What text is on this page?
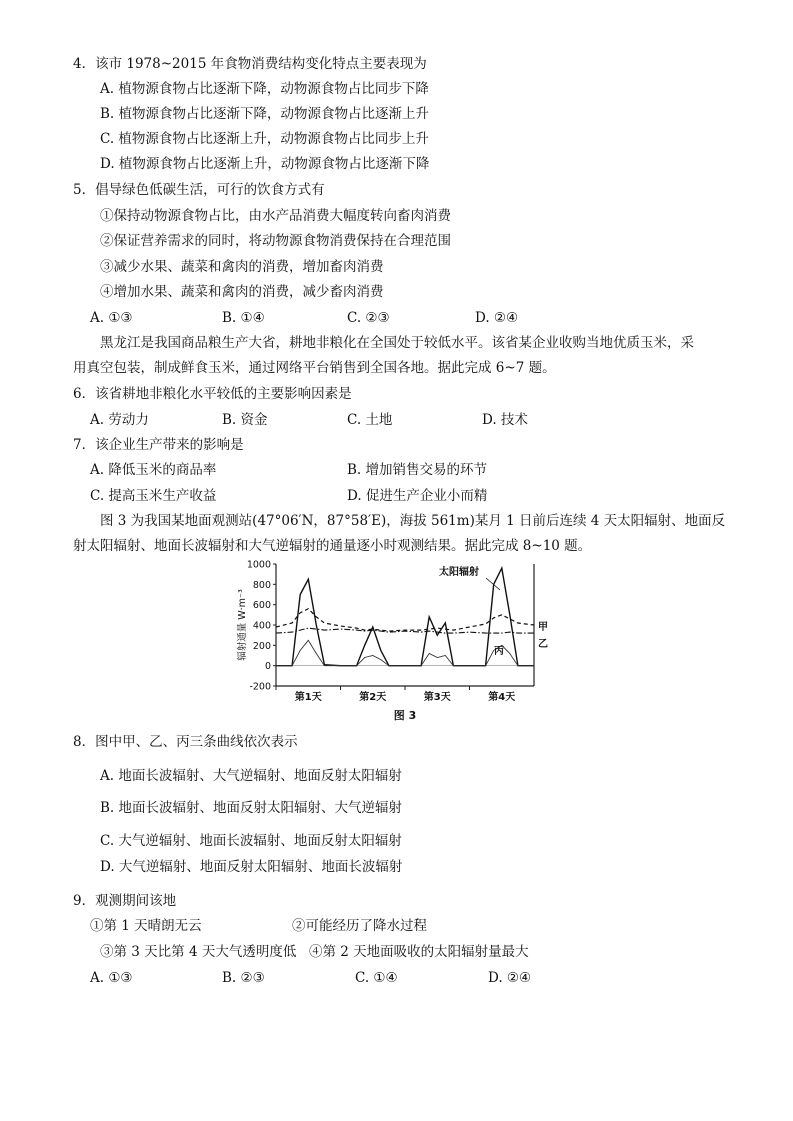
4．该市 1978~2015 年食物消费结构变化特点主要表现为
A. 植物源食物占比逐渐下降，动物源食物占比同步下降
B. 植物源食物占比逐渐下降，动物源食物占比逐渐上升
C. 植物源食物占比逐渐上升，动物源食物占比同步上升
D. 植物源食物占比逐渐上升，动物源食物占比逐渐下降
5．倡导绿色低碳生活，可行的饮食方式有
①保持动物源食物占比，由水产品消费大幅度转向畜肉消费
②保证营养需求的同时，将动物源食物消费保持在合理范围
③减少水果、蔬菜和禽肉的消费，增加畜肉消费
④增加水果、蔬菜和禽肉的消费，减少畜肉消费
A. ①③	B. ①④	C. ②③	D. ②④
黑龙江是我国商品粮生产大省，耕地非粮化在全国处于较低水平。该省某企业收购当地优质玉米，采
用真空包装，制成鲜食玉米，通过网络平台销售到全国各地。据此完成 6~7 题。
6．该省耕地非粮化水平较低的主要影响因素是
A. 劳动力	B. 资金	C. 土地	D. 技术
7．该企业生产带来的影响是
A. 降低玉米的商品率	B. 增加销售交易的环节
C. 提高玉米生产收益	D. 促进生产企业小而精
图 3 为我国某地面观测站(47°06′N，87°58′E)，海拔 561m)某月 1 日前后连续 4 天太阳辐射、地面反
射太阳辐射、地面长波辐射和大气逆辐射的通量逐小时观测结果。据此完成 8~10 题。
-200
0
200
400
600
800
1000
辐射通量 W·m⁻³
第1天	第2天	第3天	第4天
太阳辐射
甲
乙
丙
图 3
8．图中甲、乙、丙三条曲线依次表示
A. 地面长波辐射、大气逆辐射、地面反射太阳辐射
B. 地面长波辐射、地面反射太阳辐射、大气逆辐射
C. 大气逆辐射、地面长波辐射、地面反射太阳辐射
D. 大气逆辐射、地面反射太阳辐射、地面长波辐射
9．观测期间该地
①第 1 天晴朗无云	②可能经历了降水过程
③第 3 天比第 4 天大气透明度低 ④第 2 天地面吸收的太阳辐射量最大
A. ①③	B. ②③	C. ①④	D. ②④
